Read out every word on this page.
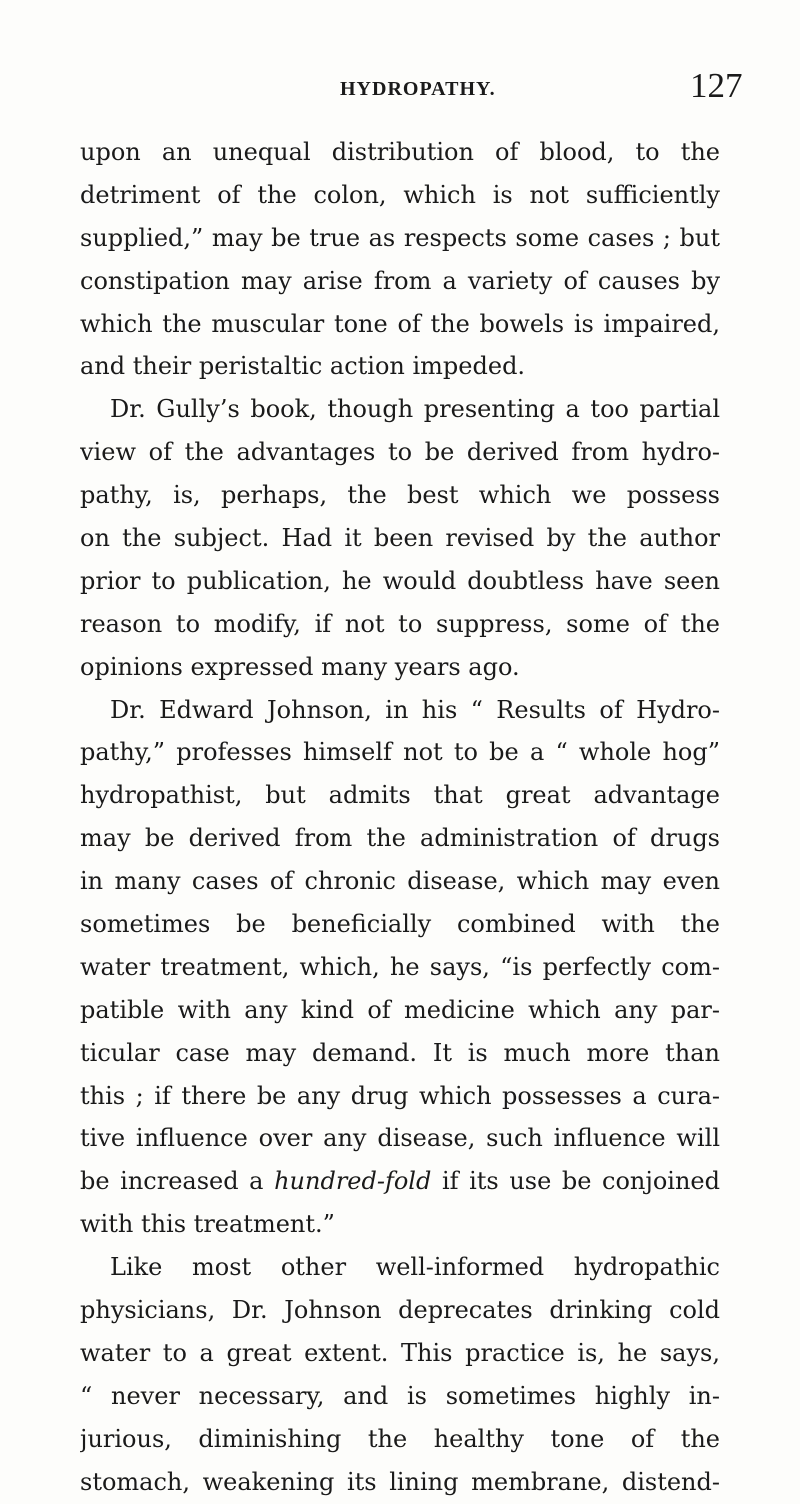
HYDROPATHY.	127
upon an unequal distribution of blood, to the
detriment of the colon, which is not sufficiently
supplied,” may be true as respects some cases ; but
constipation may arise from a variety of causes by
which the muscular tone of the bowels is impaired,
and their peristaltic action impeded.
Dr. Gully’s book, though presenting a too partial
view of the advantages to be derived from hydro-
pathy, is, perhaps, the best which we possess
on the subject. Had it been revised by the author
prior to publication, he would doubtless have seen
reason to modify, if not to suppress, some of the
opinions expressed many years ago.
Dr. Edward Johnson, in his “ Results of Hydro-
pathy,” professes himself not to be a “ whole hog”
hydropathist, but admits that great advantage
may be derived from the administration of drugs
in many cases of chronic disease, which may even
sometimes be beneficially combined with the
water treatment, which, he says, “is perfectly com-
patible with any kind of medicine which any par-
ticular case may demand. It is much more than
this ; if there be any drug which possesses a cura-
tive influence over any disease, such influence will
be increased a hundred-fold if its use be conjoined
with this treatment.”
Like most other well-informed hydropathic
physicians, Dr. Johnson deprecates drinking cold
water to a great extent. This practice is, he says,
“ never necessary, and is sometimes highly in-
jurious, diminishing the healthy tone of the
stomach, weakening its lining membrane, distend-
